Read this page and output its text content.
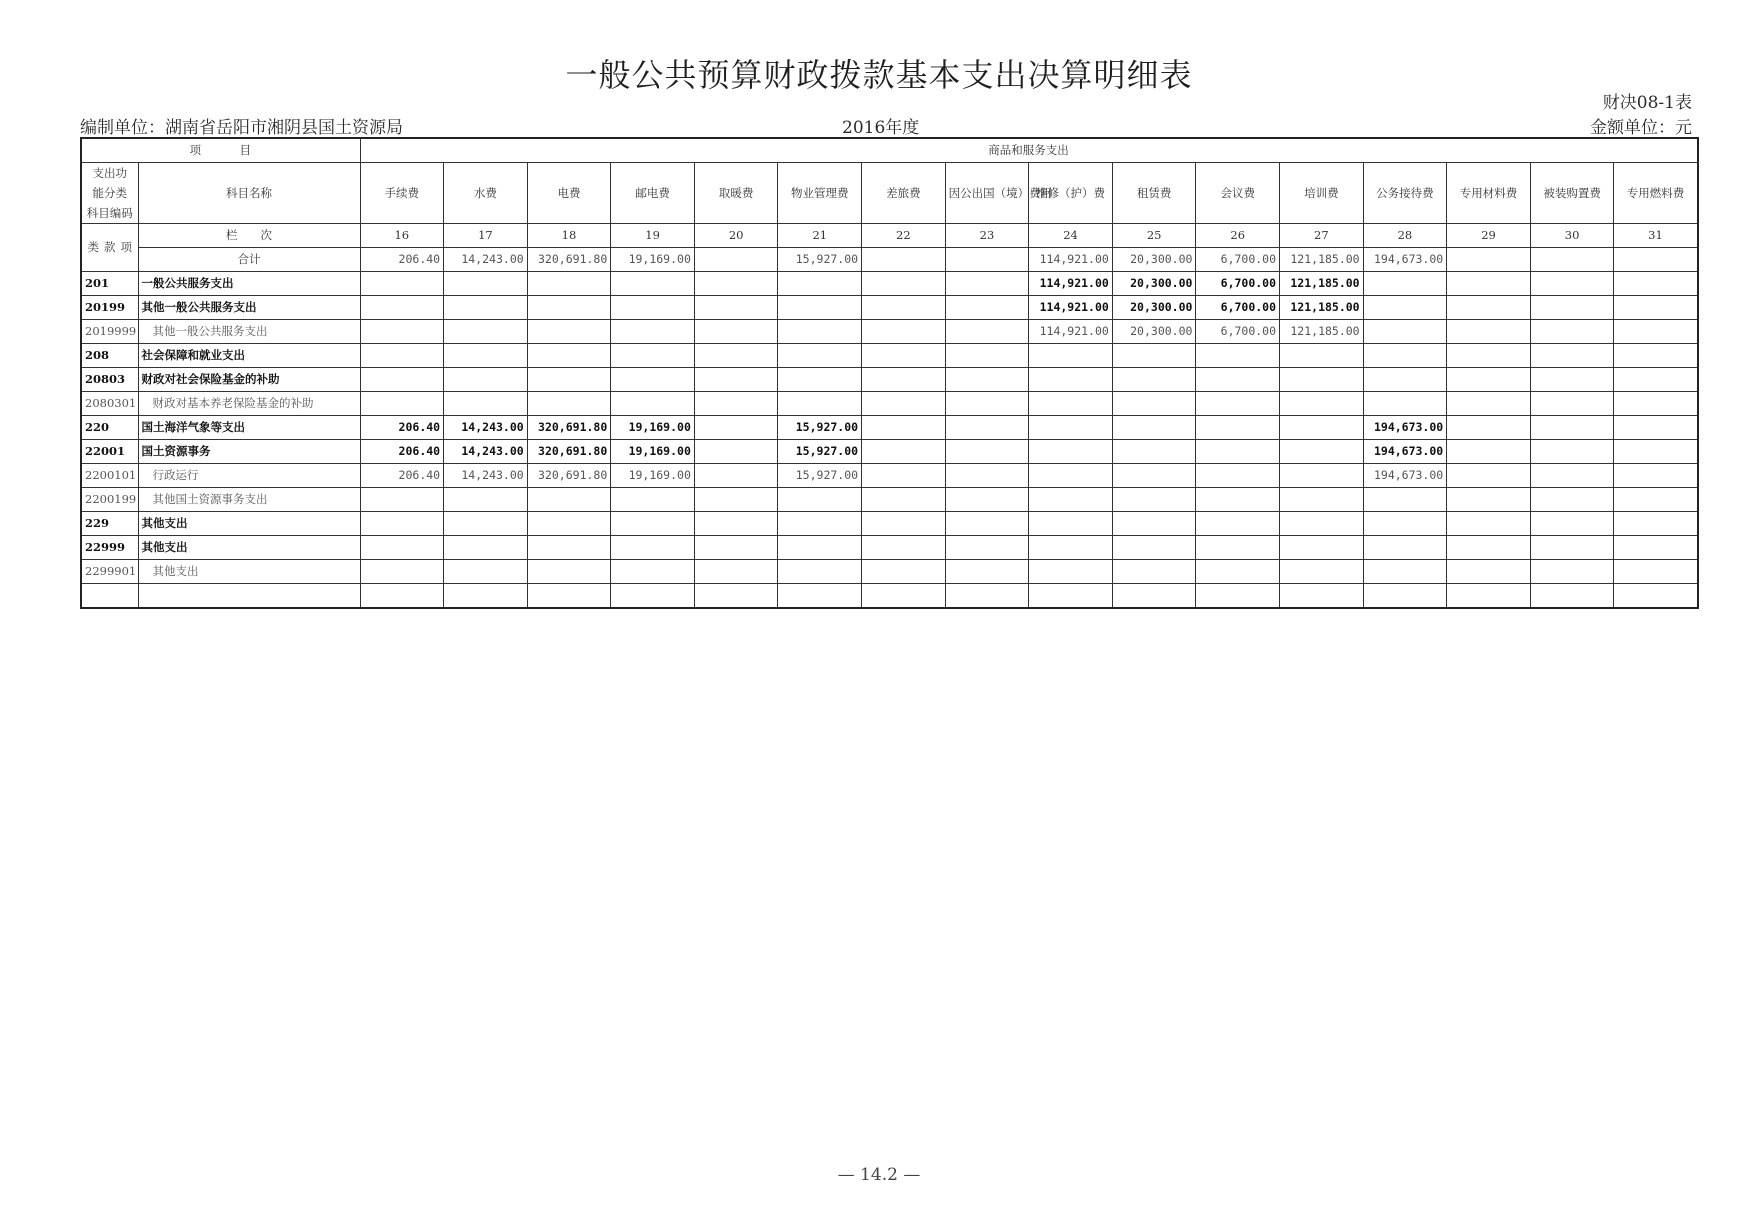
一般公共预算财政拨款基本支出决算明细表
财决08-1表
编制单位：湖南省岳阳市湘阴县国土资源局	2016年度	金额单位：元
项　　　目		商品和服务支出															

支出功
能分类
科目编码	科目名称	手续费	水费	电费	邮电费	取暖费	物业管理费	差旅费	因公出国（境）费用	维修（护）费	租赁费	会议费	培训费	公务接待费	专用材料费	被装购置费	专用燃料费

类 款 项	栏　　次	16	17	18	19	20	21	22	23	24	25	26	27	28	29	30	31
	合计	206.40	14,243.00	320,691.80	19,169.00		15,927.00			114,921.00	20,300.00	6,700.00	121,185.00	194,673.00			
201	一般公共服务支出									114,921.00	20,300.00	6,700.00	121,185.00				
20199	其他一般公共服务支出									114,921.00	20,300.00	6,700.00	121,185.00				
2019999	其他一般公共服务支出									114,921.00	20,300.00	6,700.00	121,185.00				
208	社会保障和就业支出																
20803	财政对社会保险基金的补助																
2080301	财政对基本养老保险基金的补助																
220	国土海洋气象等支出	206.40	14,243.00	320,691.80	19,169.00		15,927.00							194,673.00			
22001	国土资源事务	206.40	14,243.00	320,691.80	19,169.00		15,927.00							194,673.00			
2200101	行政运行	206.40	14,243.00	320,691.80	19,169.00		15,927.00							194,673.00			
2200199	其他国土资源事务支出																
229	其他支出																
22999	其他支出																
2299901	其他支出																

— 14.2 —
